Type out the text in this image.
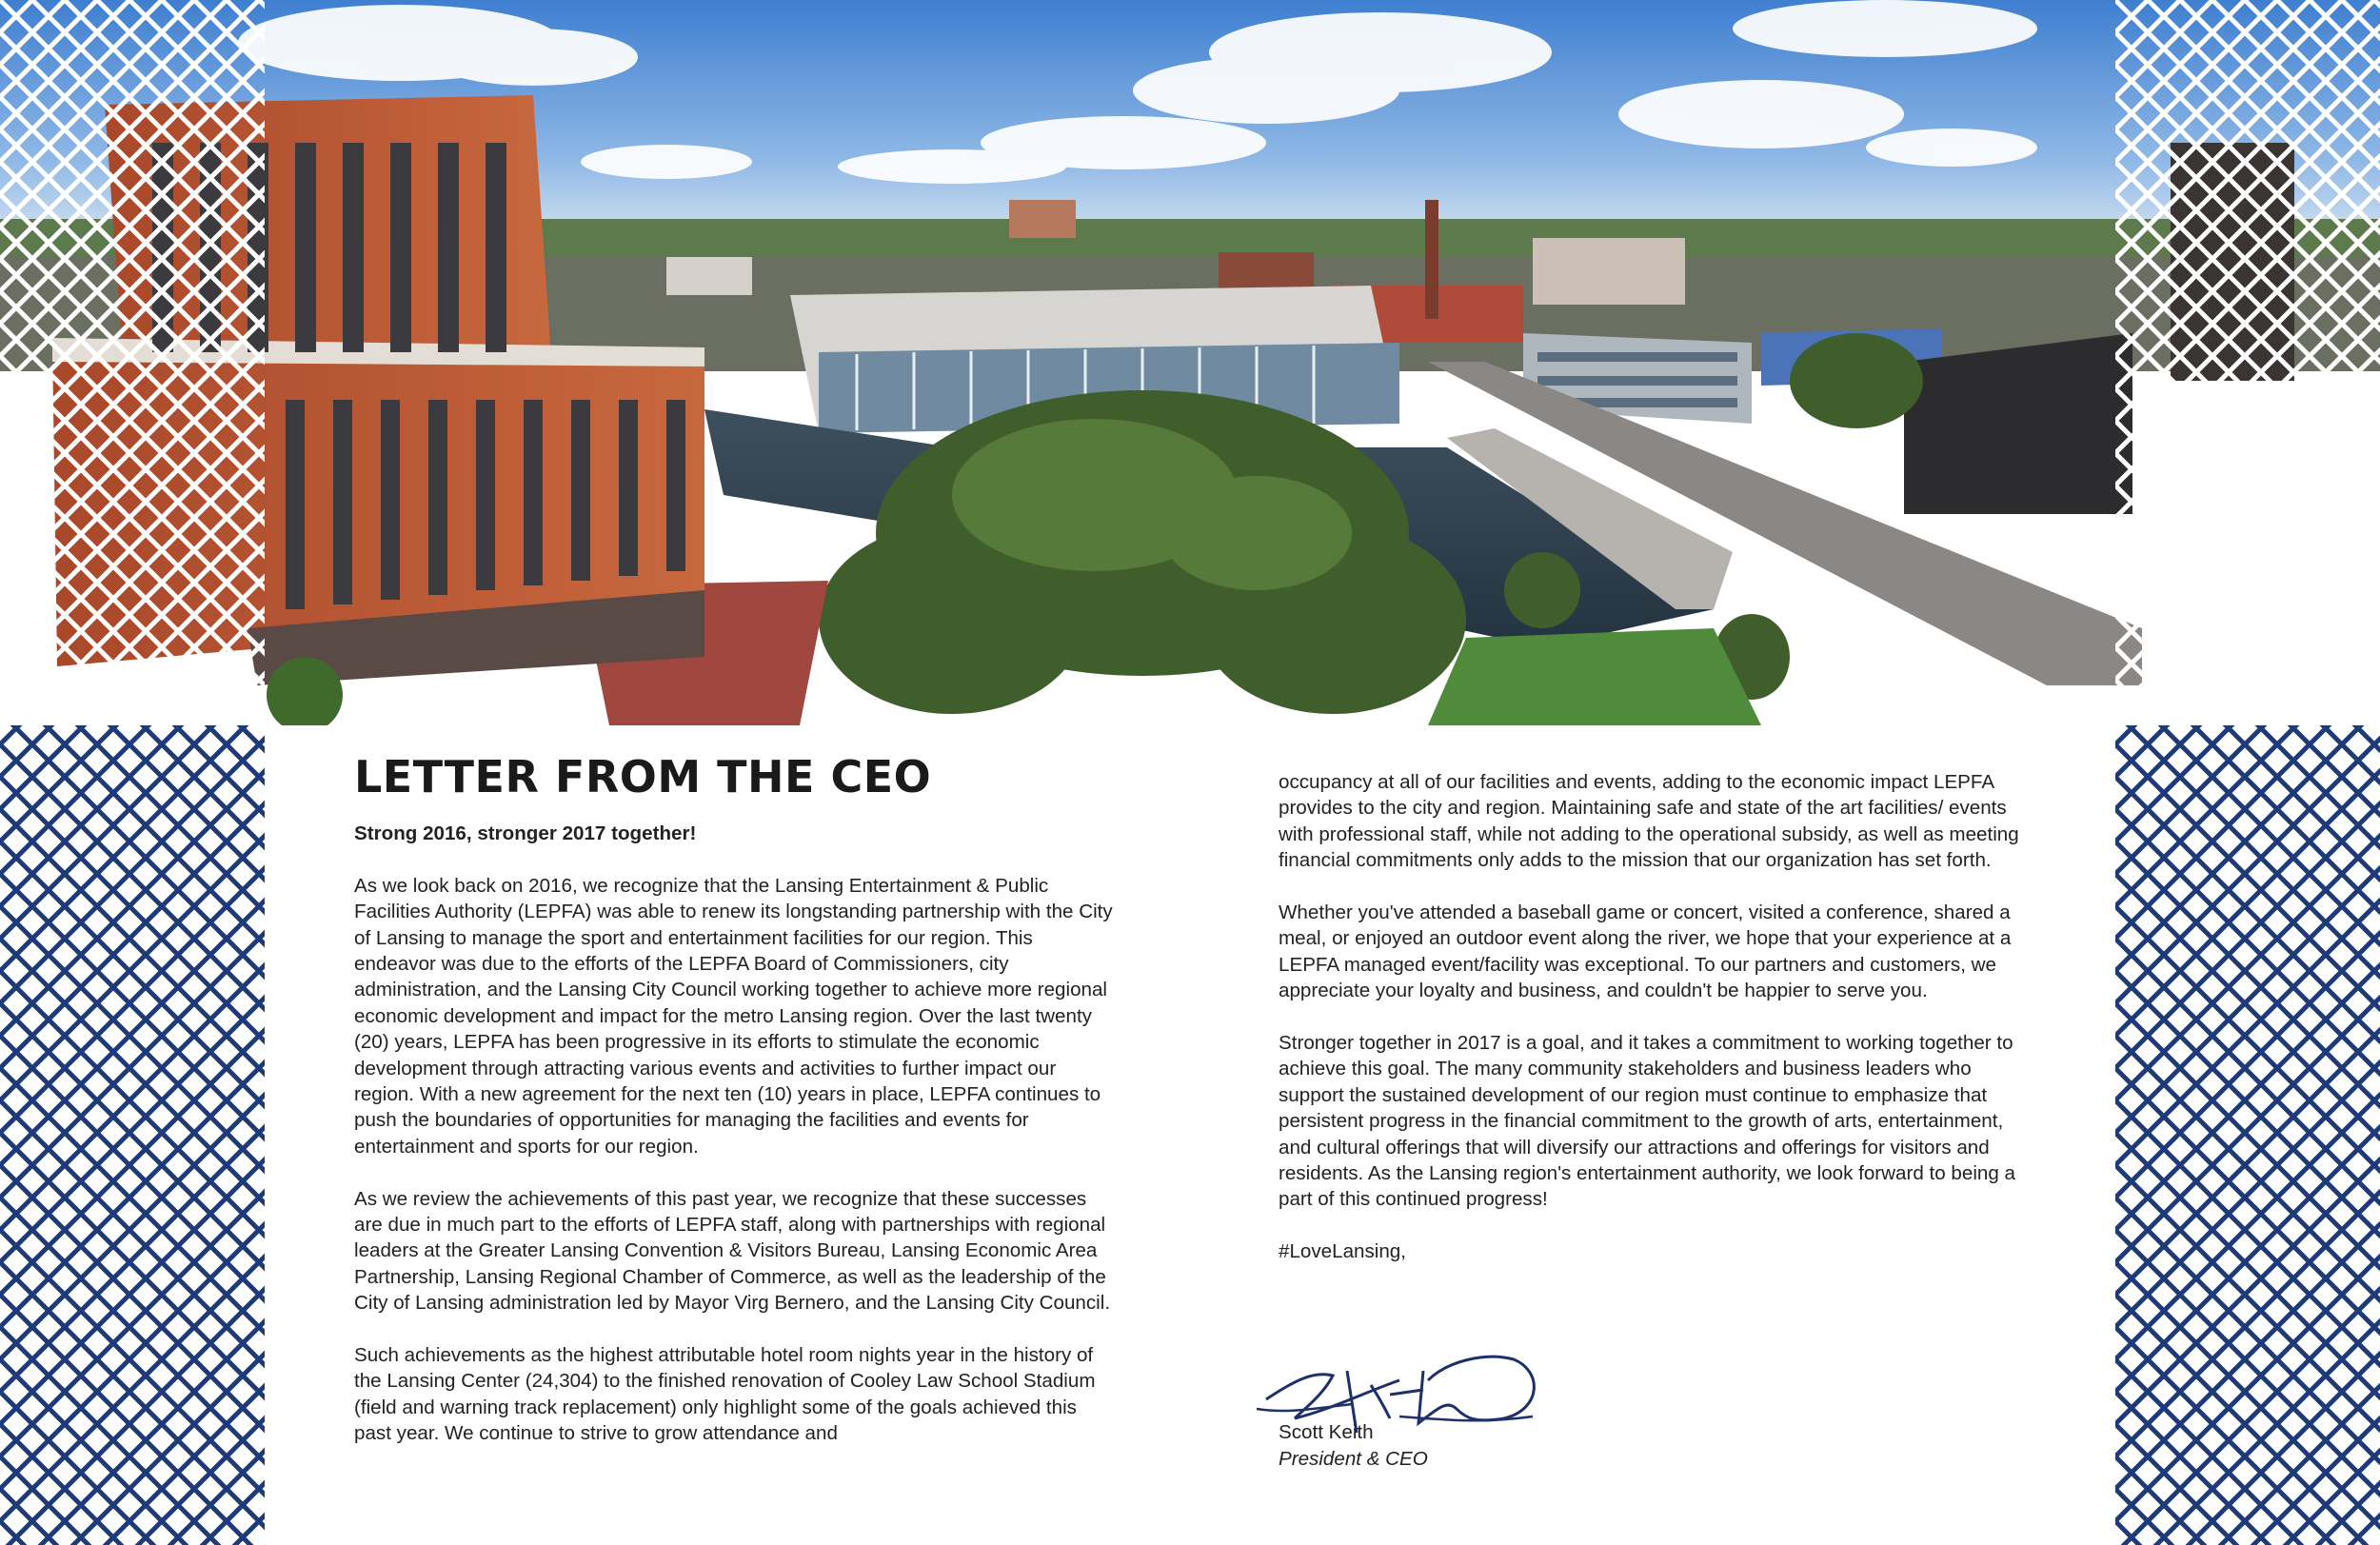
LETTER FROM THE CEO
Strong 2016, stronger 2017 together!

As we look back on 2016, we recognize that the Lansing Entertainment & Public Facilities Authority (LEPFA) was able to renew its longstanding partnership with the City of Lansing to manage the sport and entertainment facilities for our region. This endeavor was due to the efforts of the LEPFA Board of Commissioners, city administration, and the Lansing City Council working together to achieve more regional economic development and impact for the metro Lansing region. Over the last twenty (20) years, LEPFA has been progressive in its efforts to stimulate the economic development through attracting various events and activities to further impact our region. With a new agreement for the next ten (10) years in place, LEPFA continues to push the boundaries of opportunities for managing the facilities and events for entertainment and sports for our region.

As we review the achievements of this past year, we recognize that these successes are due in much part to the efforts of LEPFA staff, along with partnerships with regional leaders at the Greater Lansing Convention & Visitors Bureau, Lansing Economic Area Partnership, Lansing Regional Chamber of Commerce, as well as the leadership of the City of Lansing administration led by Mayor Virg Bernero, and the Lansing City Council.

Such achievements as the highest attributable hotel room nights year in the history of the Lansing Center (24,304) to the finished renovation of Cooley Law School Stadium (field and warning track replacement) only highlight some of the goals achieved this past year. We continue to strive to grow attendance and

occupancy at all of our facilities and events, adding to the economic impact LEPFA provides to the city and region. Maintaining safe and state of the art facilities/ events with professional staff, while not adding to the operational subsidy, as well as meeting financial commitments only adds to the mission that our organization has set forth.

Whether you've attended a baseball game or concert, visited a conference, shared a meal, or enjoyed an outdoor event along the river, we hope that your experience at a LEPFA managed event/facility was exceptional. To our partners and customers, we appreciate your loyalty and business, and couldn't be happier to serve you.

Stronger together in 2017 is a goal, and it takes a commitment to working together to achieve this goal. The many community stakeholders and business leaders who support the sustained development of our region must continue to emphasize that persistent progress in the financial commitment to the growth of arts, entertainment, and cultural offerings that will diversify our attractions and offerings for visitors and residents. As the Lansing region's entertainment authority, we look forward to being a part of this continued progress!

#LoveLansing,

Scott Keith
President & CEO
